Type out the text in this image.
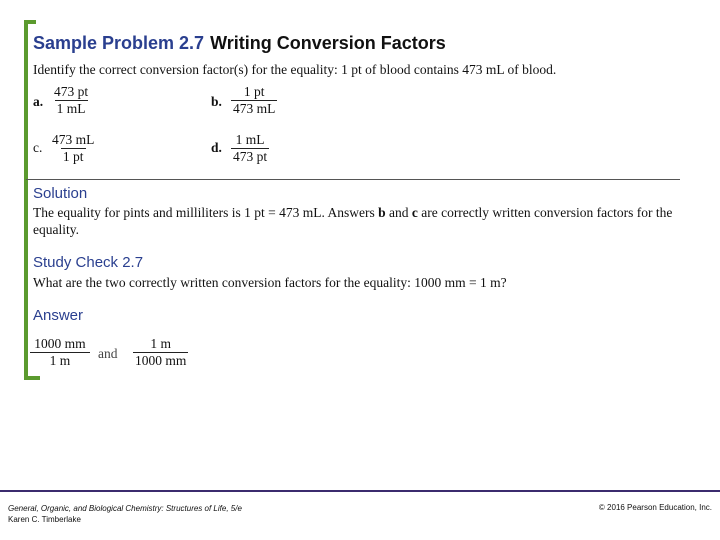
Sample Problem 2.7 Writing Conversion Factors
Identify the correct conversion factor(s) for the equality: 1 pt of blood contains 473 mL of blood.
a. $\frac{473 pt}{1 mL}$	b. $\frac{1 pt}{473 mL}$
c. $\frac{473 mL}{1 pt}$	d. $\frac{1 mL}{473 pt}$
Solution
The equality for pints and milliliters is 1 pt = 473 mL. Answers b and c are correctly written conversion factors for the equality.
Study Check 2.7
What are the two correctly written conversion factors for the equality: 1000 mm = 1 m?
Answer
$\frac{1000 mm}{1 m}$ and $\frac{1 m}{1000 mm}$
General, Organic, and Biological Chemistry: Structures of Life, 5/e
Karen C. Timberlake
© 2016 Pearson Education, Inc.
